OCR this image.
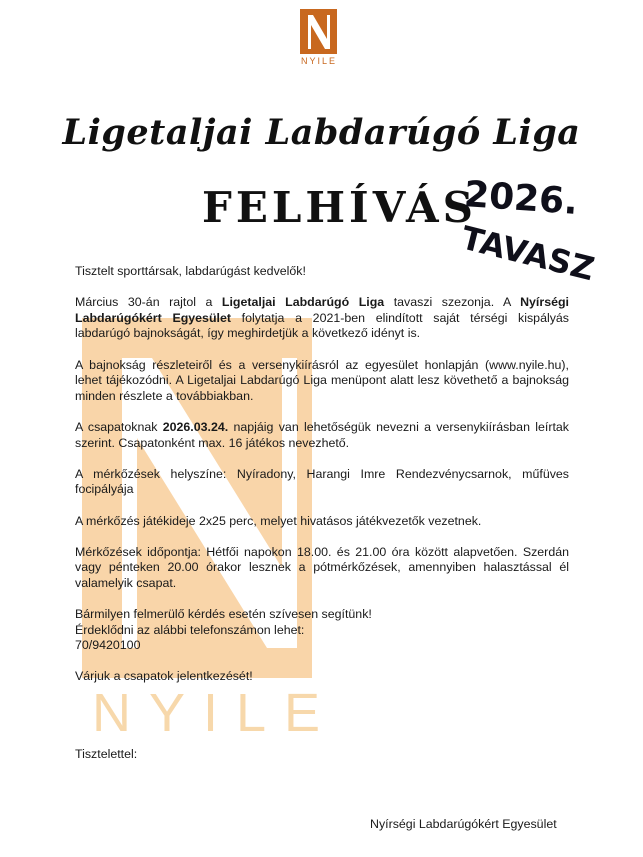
NYILE
NYILE
Ligetaljai Labdarúgó Liga
FELHÍVÁS
2026.
TAVASZ

Tisztelt sporttársak, labdarúgást kedvelők!

Március 30-án rajtol a Ligetaljai Labdarúgó Liga tavaszi szezonja. A Nyírségi Labdarúgókért Egyesület folytatja a 2021-ben elindított saját térségi kispályás labdarúgó bajnokságát, így meghirdetjük a következő idényt is.

A bajnokság részleteiről és a versenykiírásról az egyesület honlapján (www.nyile.hu), lehet tájékozódni. A Ligetaljai Labdarúgó Liga menüpont alatt lesz követhető a bajnokság minden részlete a továbbiakban.

A csapatoknak 2026.03.24. napjáig van lehetőségük nevezni a versenykiírásban leírtak szerint. Csapatonként max. 16 játékos nevezhető.

A mérkőzések helyszíne: Nyíradony, Harangi Imre Rendezvénycsarnok, műfüves focipályája

A mérkőzés játékideje 2x25 perc, melyet hivatásos játékvezetők vezetnek.

Mérkőzések időpontja: Hétfői napokon 18.00. és 21.00 óra között alapvetően. Szerdán vagy pénteken 20.00 órakor lesznek a pótmérkőzések, amennyiben halasztással él valamelyik csapat.

Bármilyen felmerülő kérdés esetén szívesen segítünk!
Érdeklődni az alábbi telefonszámon lehet:
70/9420100

Várjuk a csapatok jelentkezését!

Tisztelettel:

Nyírségi Labdarúgókért Egyesület
